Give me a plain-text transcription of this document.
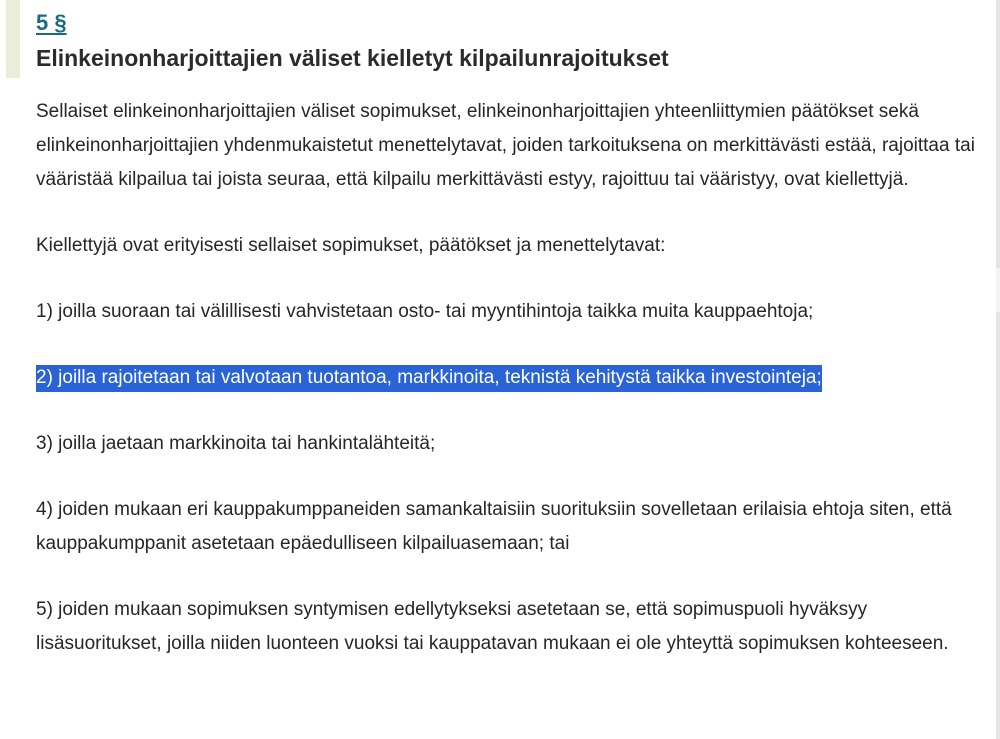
5 §
Elinkeinonharjoittajien väliset kielletyt kilpailunrajoitukset

Sellaiset elinkeinonharjoittajien väliset sopimukset, elinkeinonharjoittajien yhteenliittymien päätökset sekä elinkeinonharjoittajien yhdenmukaistetut menettelytavat, joiden tarkoituksena on merkittävästi estää, rajoittaa tai vääristää kilpailua tai joista seuraa, että kilpailu merkittävästi estyy, rajoittuu tai vääristyy, ovat kiellettyjä.

Kiellettyjä ovat erityisesti sellaiset sopimukset, päätökset ja menettelytavat:

1) joilla suoraan tai välillisesti vahvistetaan osto- tai myyntihintoja taikka muita kauppaehtoja;

2) joilla rajoitetaan tai valvotaan tuotantoa, markkinoita, teknistä kehitystä taikka investointeja;

3) joilla jaetaan markkinoita tai hankintalähteitä;

4) joiden mukaan eri kauppakumppaneiden samankaltaisiin suorituksiin sovelletaan erilaisia ehtoja siten, että kauppakumppanit asetetaan epäedulliseen kilpailuasemaan; tai

5) joiden mukaan sopimuksen syntymisen edellytykseksi asetetaan se, että sopimuspuoli hyväksyy lisäsuoritukset, joilla niiden luonteen vuoksi tai kauppatavan mukaan ei ole yhteyttä sopimuksen kohteeseen.
